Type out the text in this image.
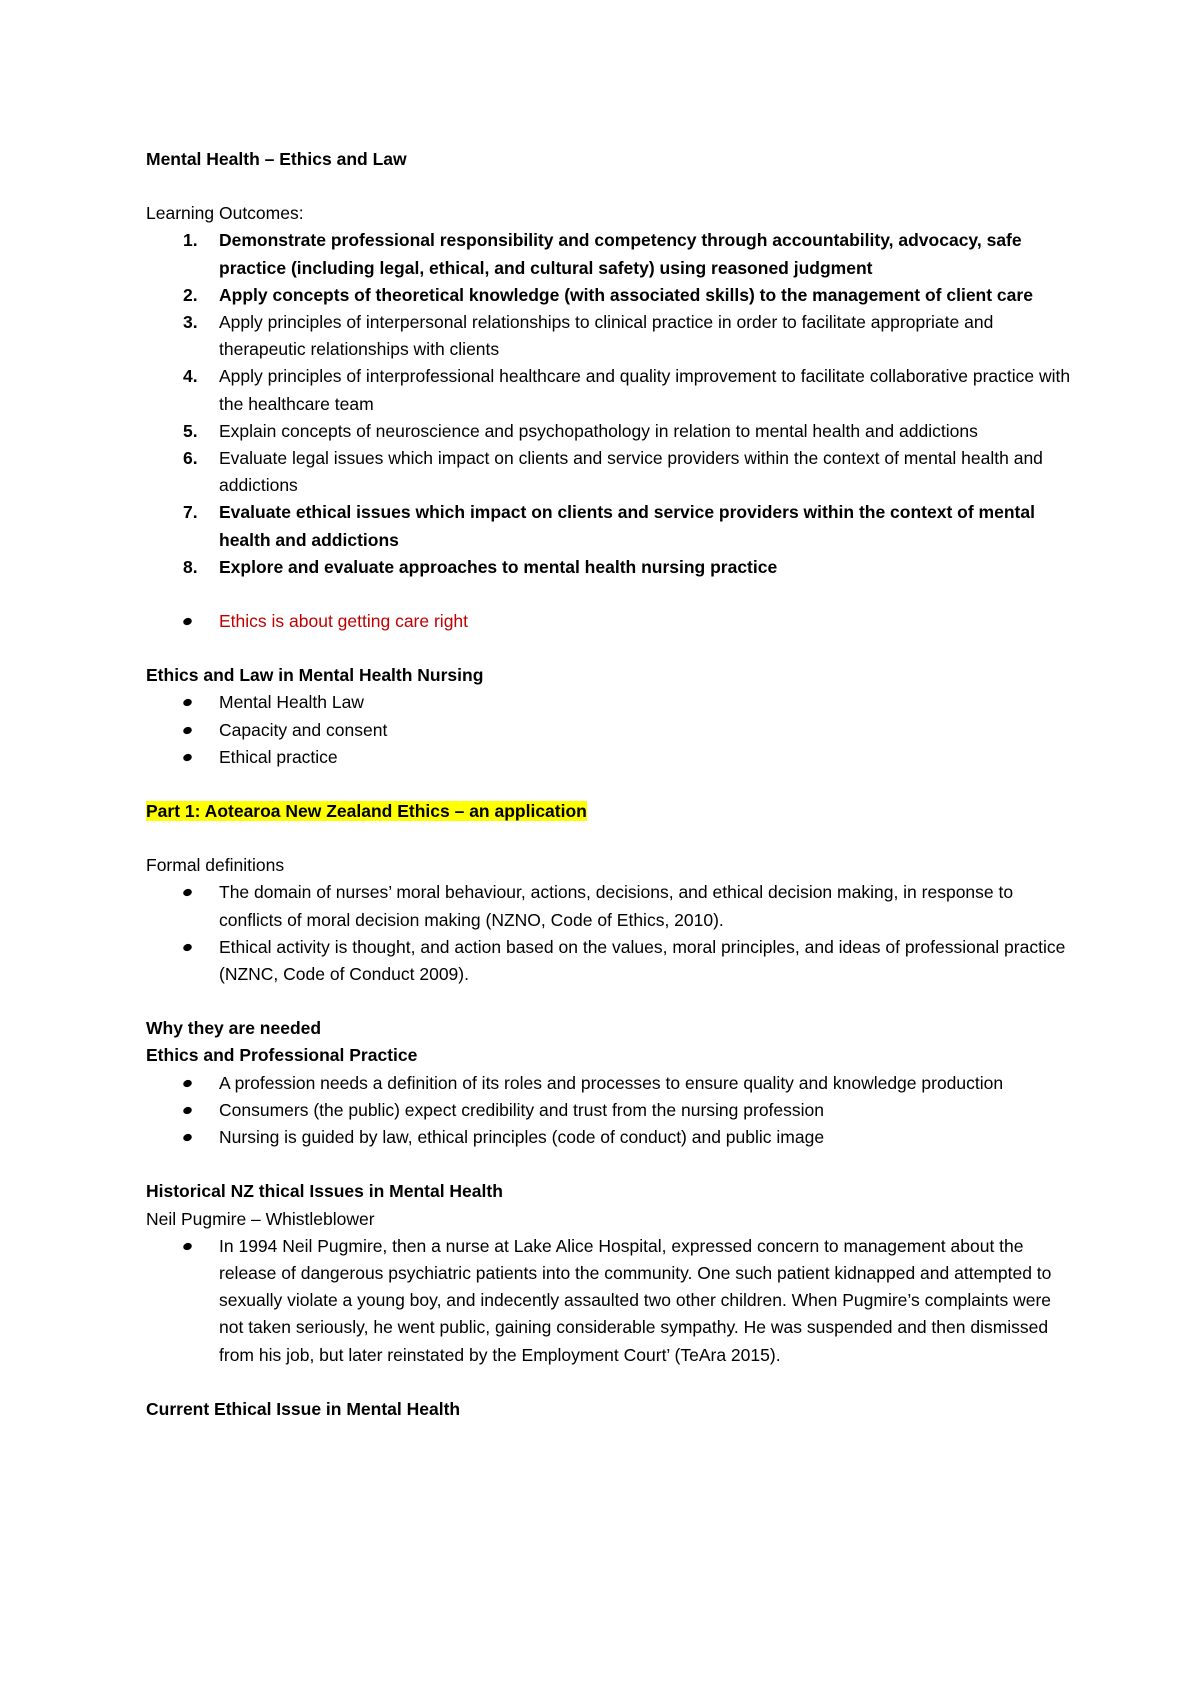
Mental Health – Ethics and Law

Learning Outcomes:

1. Demonstrate professional responsibility and competency through accountability, advocacy, safe practice (including legal, ethical, and cultural safety) using reasoned judgment
2. Apply concepts of theoretical knowledge (with associated skills) to the management of client care
3. Apply principles of interpersonal relationships to clinical practice in order to facilitate appropriate and therapeutic relationships with clients
4. Apply principles of interprofessional healthcare and quality improvement to facilitate collaborative practice with the healthcare team
5. Explain concepts of neuroscience and psychopathology in relation to mental health and addictions
6. Evaluate legal issues which impact on clients and service providers within the context of mental health and addictions
7. Evaluate ethical issues which impact on clients and service providers within the context of mental health and addictions
8. Explore and evaluate approaches to mental health nursing practice
Ethics is about getting care right

Ethics and Law in Mental Health Nursing

Mental Health Law
Capacity and consent
Ethical practice

Part 1: Aotearoa New Zealand Ethics – an application

Formal definitions

The domain of nurses’ moral behaviour, actions, decisions, and ethical decision making, in response to conflicts of moral decision making (NZNO, Code of Ethics, 2010).
Ethical activity is thought, and action based on the values, moral principles, and ideas of professional practice (NZNC, Code of Conduct 2009).

Why they are needed

Ethics and Professional Practice

A profession needs a definition of its roles and processes to ensure quality and knowledge production
Consumers (the public) expect credibility and trust from the nursing profession
Nursing is guided by law, ethical principles (code of conduct) and public image

Historical NZ thical Issues in Mental Health

Neil Pugmire – Whistleblower

In 1994 Neil Pugmire, then a nurse at Lake Alice Hospital, expressed concern to management about the release of dangerous psychiatric patients into the community. One such patient kidnapped and attempted to sexually violate a young boy, and indecently assaulted two other children. When Pugmire’s complaints were not taken seriously, he went public, gaining considerable sympathy. He was suspended and then dismissed from his job, but later reinstated by the Employment Court’ (TeAra 2015).

Current Ethical Issue in Mental Health
